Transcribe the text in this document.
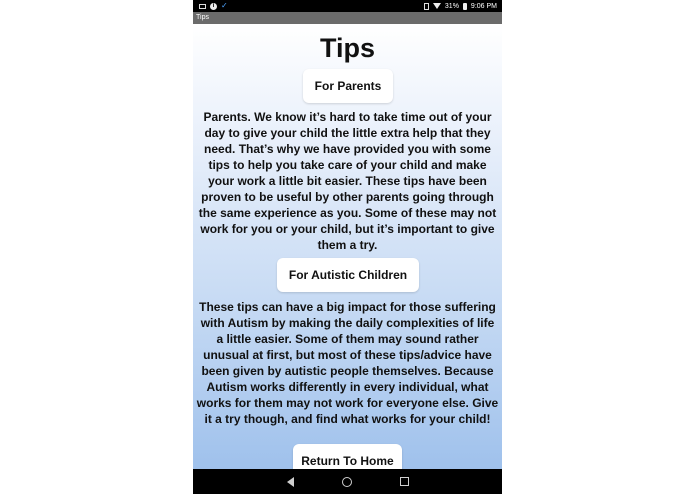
i ✓	31% 9:06 PM
Tips
Tips
For Parents
Parents. We know it’s hard to take time out of your day to give your child the little extra help that they need. That’s why we have provided you with some tips to help you take care of your child and make your work a little bit easier. These tips have been proven to be useful by other parents going through the same experience as you. Some of these may not work for you or your child, but it’s important to give them a try.
For Autistic Children
These tips can have a big impact for those suffering with Autism by making the daily complexities of life a little easier. Some of them may sound rather unusual at first, but most of these tips/advice have been given by autistic people themselves. Because Autism works differently in every individual, what works for them may not work for everyone else. Give it a try though, and find what works for your child!
Return To Home
